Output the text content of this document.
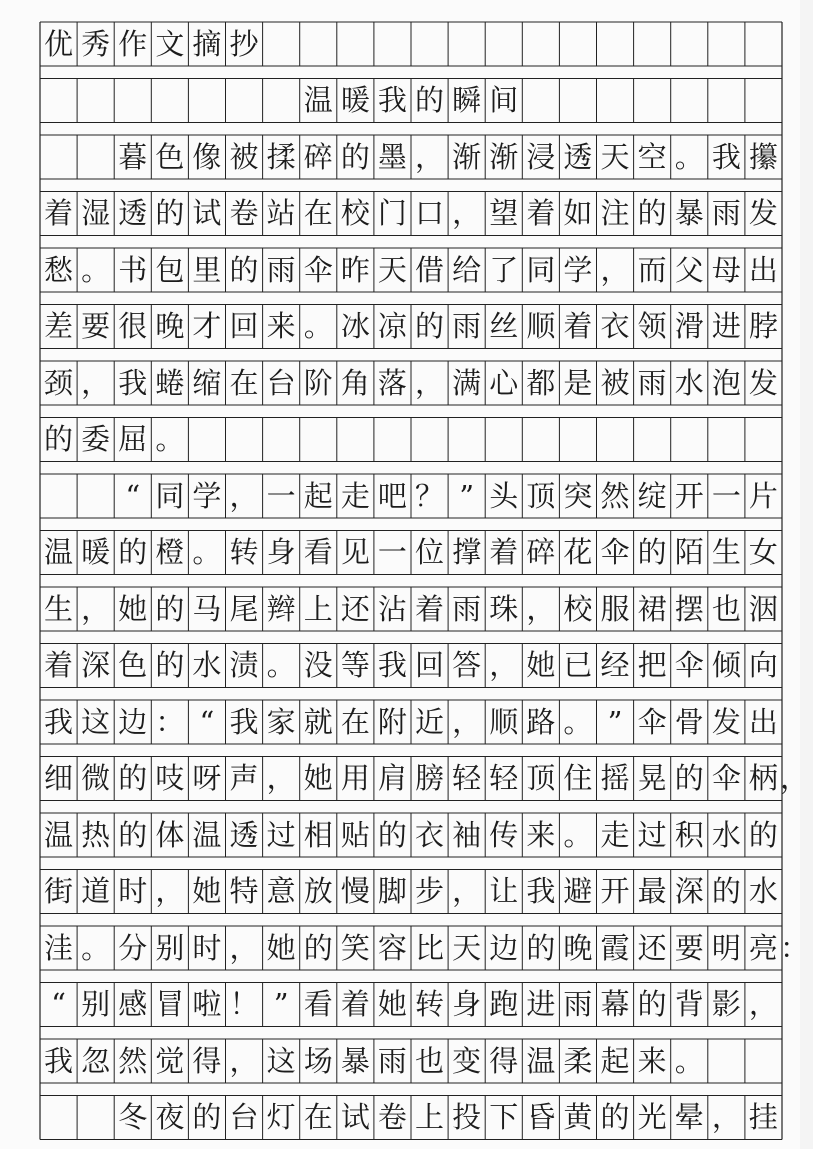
优 秀 作 文 摘 抄
温 暖 我 的 瞬 间
暮 色 像 被 揉 碎 的 墨 ， 渐 渐 浸 透 天 空 。 我 攥
着 湿 透 的 试 卷 站 在 校 门 口 ， 望 着 如 注 的 暴 雨 发
愁 。 书 包 里 的 雨 伞 昨 天 借 给 了 同 学 ， 而 父 母 出
差 要 很 晚 才 回 来 。 冰 凉 的 雨 丝 顺 着 衣 领 滑 进 脖
颈 ， 我 蜷 缩 在 台 阶 角 落 ， 满 心 都 是 被 雨 水 泡 发
的 委 屈 。
“ 同 学 ， 一 起 走 吧 ？ ” 头 顶 突 然 绽 开 一 片
温 暖 的 橙 。 转 身 看 见 一 位 撑 着 碎 花 伞 的 陌 生 女
生 ， 她 的 马 尾 辫 上 还 沾 着 雨 珠 ， 校 服 裙 摆 也 洇
着 深 色 的 水 渍 。 没 等 我 回 答 ， 她 已 经 把 伞 倾 向
我 这 边 ： “ 我 家 就 在 附 近 ， 顺 路 。 ” 伞 骨 发 出
细 微 的 吱 呀 声 ， 她 用 肩 膀 轻 轻 顶 住 摇 晃 的 伞 柄 ，
温 热 的 体 温 透 过 相 贴 的 衣 袖 传 来 。 走 过 积 水 的
街 道 时 ， 她 特 意 放 慢 脚 步 ， 让 我 避 开 最 深 的 水
洼 。 分 别 时 ， 她 的 笑 容 比 天 边 的 晚 霞 还 要 明 亮 ：
“ 别 感 冒 啦 ！ ” 看 着 她 转 身 跑 进 雨 幕 的 背 影 ，
我 忽 然 觉 得 ， 这 场 暴 雨 也 变 得 温 柔 起 来 。
冬 夜 的 台 灯 在 试 卷 上 投 下 昏 黄 的 光 晕 ， 挂
